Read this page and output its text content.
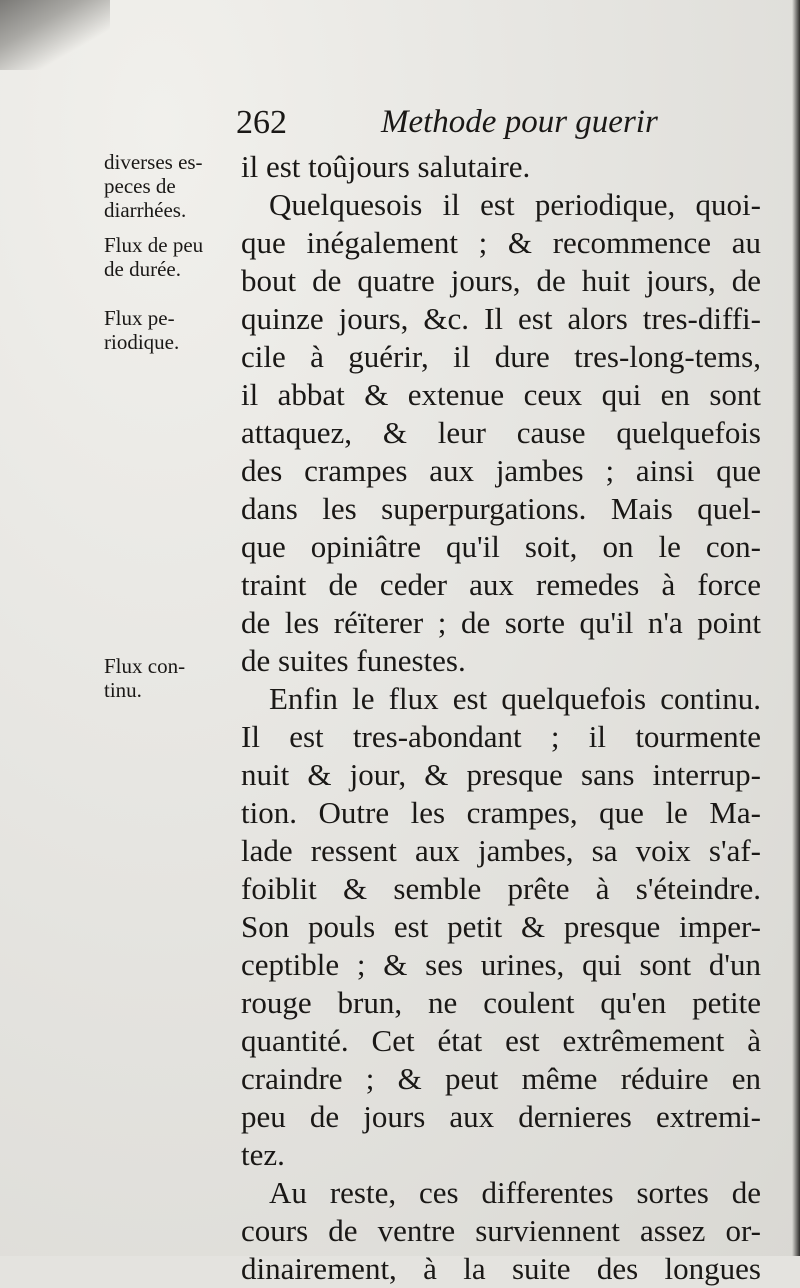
262	Methode pour guerir
diverses es-
peces de
diarrhées.
Flux de peu
de durée.
Flux pe-
riodique.
Flux con-
tinu.
il est toûjours salutaire.
Quelquesois il est periodique, quoi-
que inégalement ; & recommence au
bout de quatre jours, de huit jours, de
quinze jours, &c. Il est alors tres-diffi-
cile à guérir, il dure tres-long-tems,
il abbat & extenue ceux qui en sont
attaquez, & leur cause quelquefois
des crampes aux jambes ; ainsi que
dans les superpurgations. Mais quel-
que opiniâtre qu'il soit, on le con-
traint de ceder aux remedes à force
de les réïterer ; de sorte qu'il n'a point
de suites funestes.
Enfin le flux est quelquefois continu.
Il est tres-abondant ; il tourmente
nuit & jour, & presque sans interrup-
tion. Outre les crampes, que le Ma-
lade ressent aux jambes, sa voix s'af-
foiblit & semble prête à s'éteindre.
Son pouls est petit & presque imper-
ceptible ; & ses urines, qui sont d'un
rouge brun, ne coulent qu'en petite
quantité. Cet état est extrêmement à
craindre ; & peut même réduire en
peu de jours aux dernieres extremi-
tez.
Au reste, ces differentes sortes de
cours de ventre surviennent assez or-
dinairement, à la suite des longues
